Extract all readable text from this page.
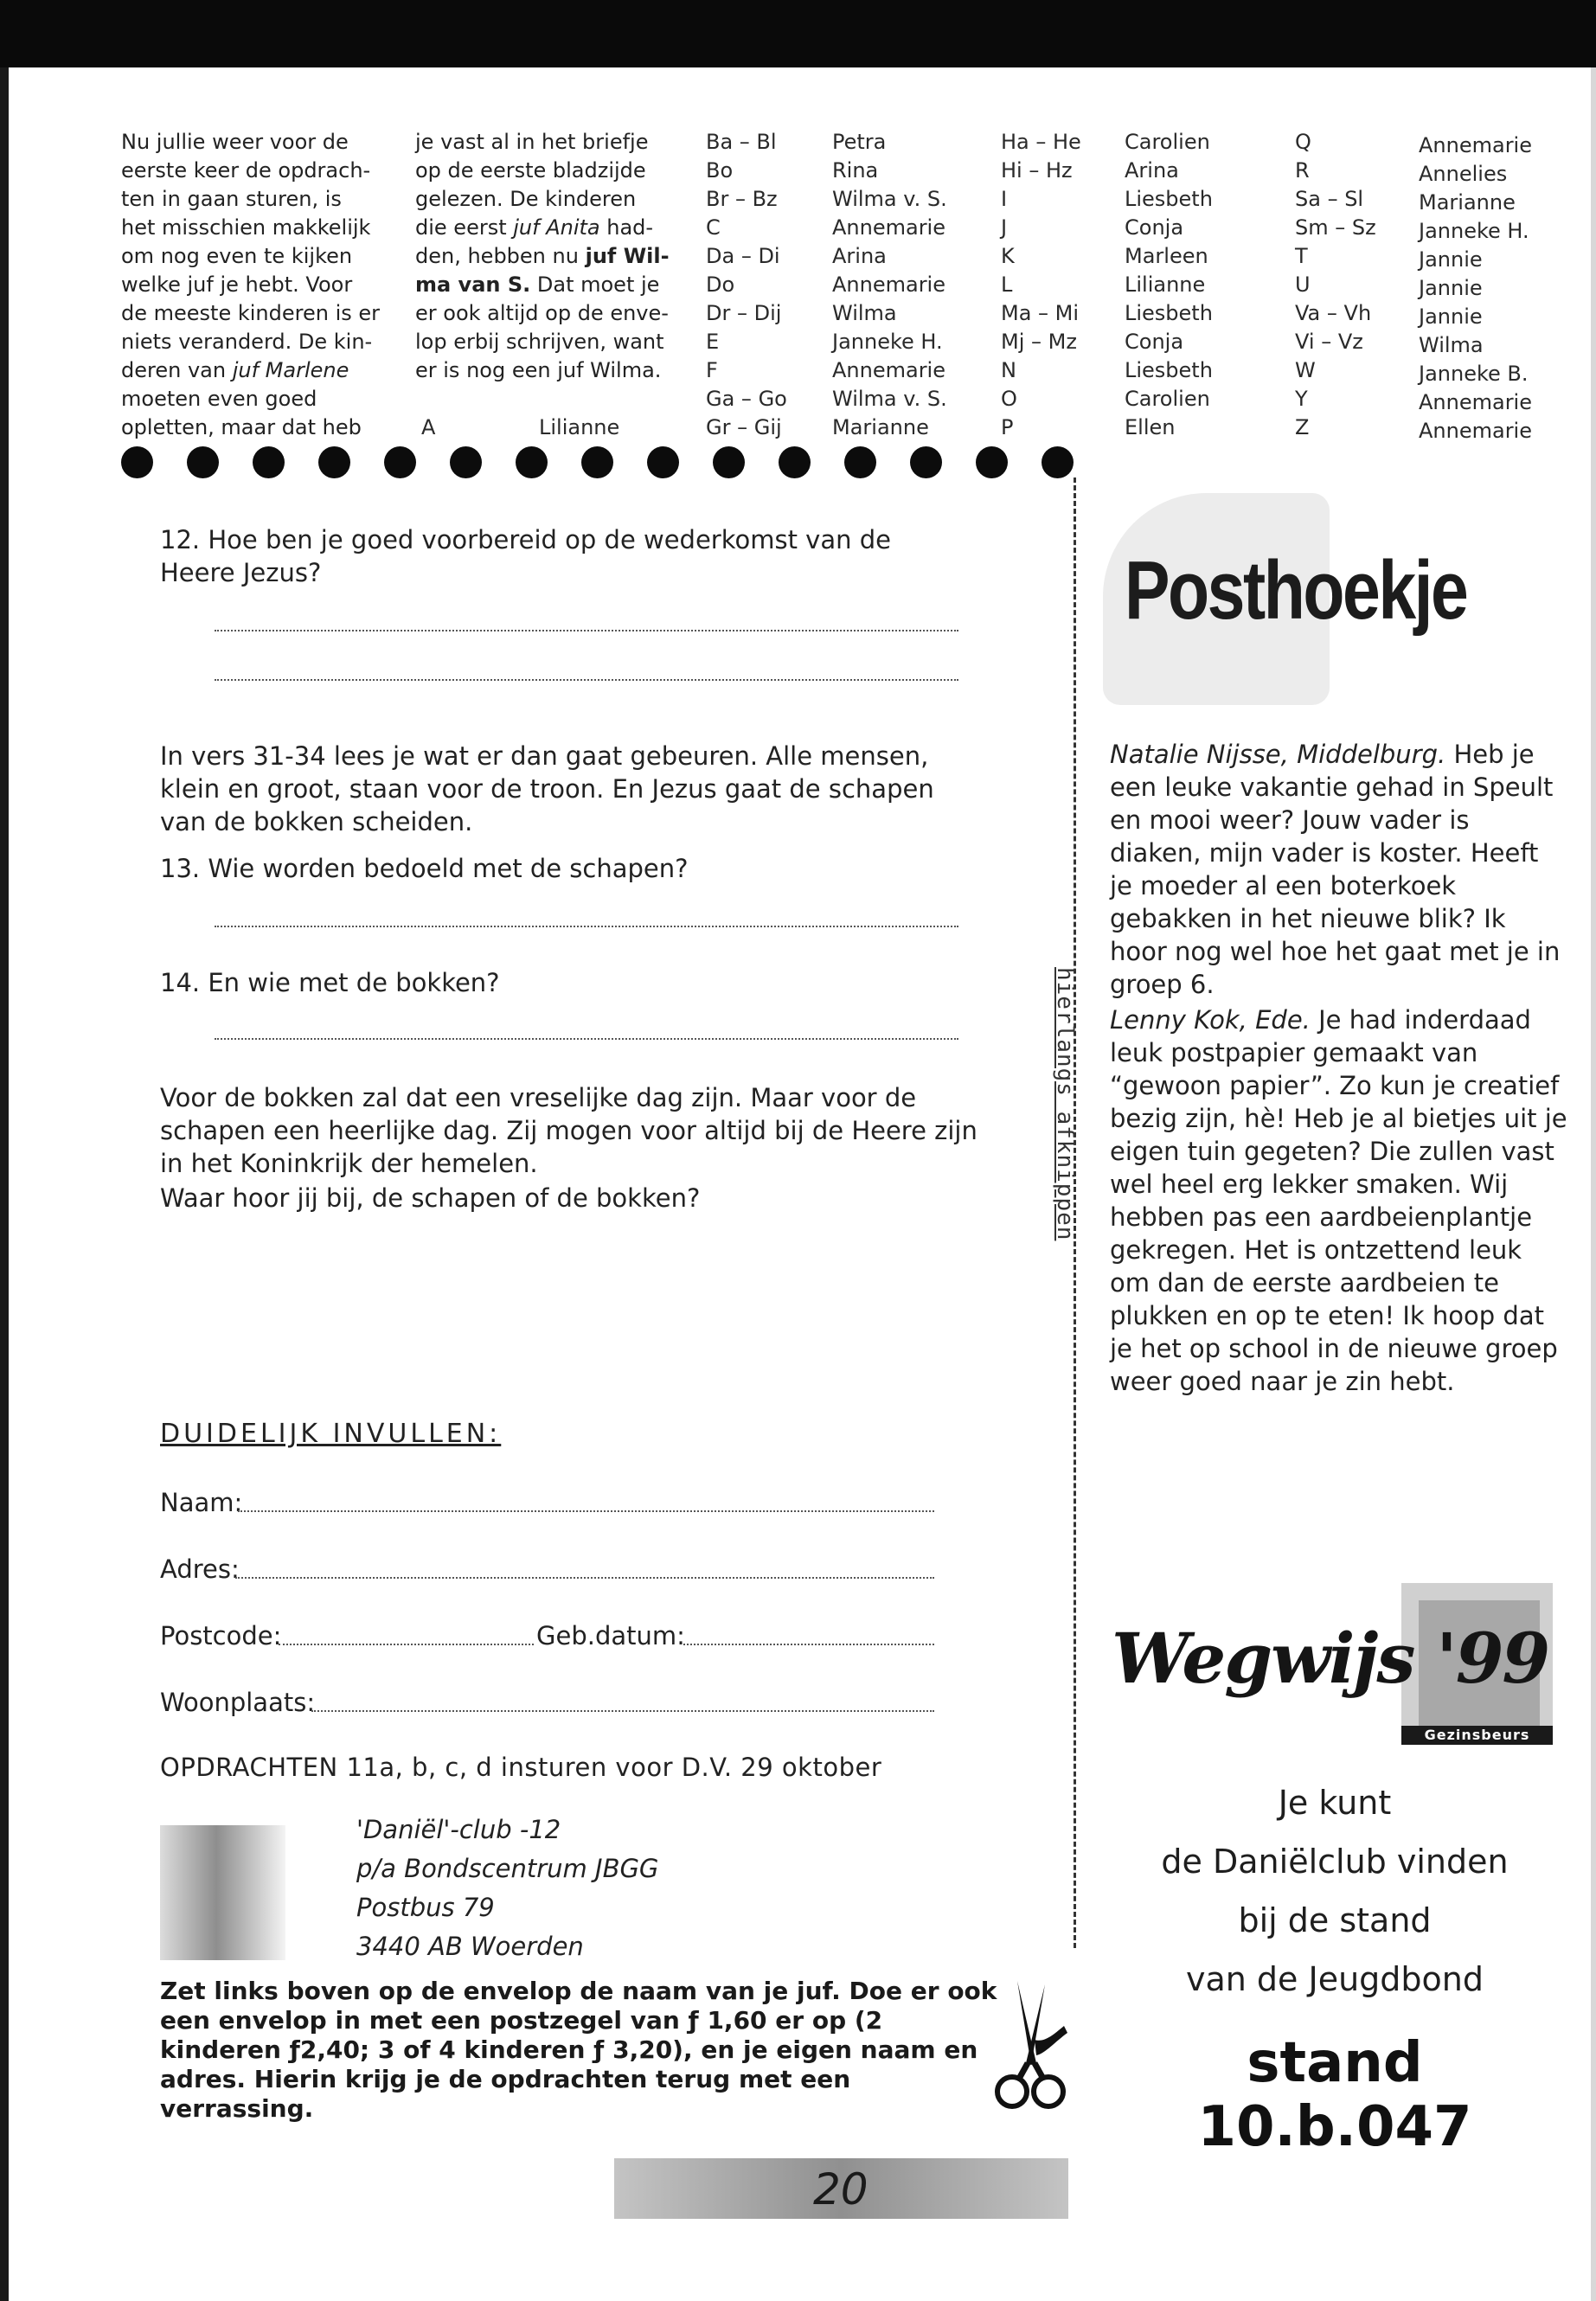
Nu jullie weer voor de
eerste keer de opdrach-
ten in gaan sturen, is
het misschien makkelijk
om nog even te kijken
welke juf je hebt. Voor
de meeste kinderen is er
niets veranderd. De kin-
deren van juf Marlene
moeten even goed
opletten, maar dat heb
je vast al in het briefje
op de eerste bladzijde
gelezen. De kinderen
die eerst juf Anita had-
den, hebben nu juf Wil-
ma van S. Dat moet je
er ook altijd op de enve-
lop erbij schrijven, want
er is nog een juf Wilma.

A	Lilianne
Ba – Bl
Bo
Br – Bz
C
Da – Di
Do
Dr – Dij
E
F
Ga – Go
Gr – Gij
Petra
Rina
Wilma v. S.
Annemarie
Arina
Annemarie
Wilma
Janneke H.
Annemarie
Wilma v. S.
Marianne
Ha – He
Hi – Hz
I
J
K
L
Ma – Mi
Mj – Mz
N
O
P
Carolien
Arina
Liesbeth
Conja
Marleen
Lilianne
Liesbeth
Conja
Liesbeth
Carolien
Ellen
Q
R
Sa – Sl
Sm – Sz
T
U
Va – Vh
Vi – Vz
W
Y
Z
Annemarie
Annelies
Marianne
Janneke H.
Jannie
Jannie
Jannie
Wilma
Janneke B.
Annemarie
Annemarie
hierlangs afknippen
12. Hoe ben je goed voorbereid op de wederkomst van de Heere Jezus?
In vers 31-34 lees je wat er dan gaat gebeuren. Alle mensen, klein en groot, staan voor de troon. En Jezus gaat de schapen van de bokken scheiden.
13. Wie worden bedoeld met de schapen?
14. En wie met de bokken?
Voor de bokken zal dat een vreselijke dag zijn. Maar voor de schapen een heerlijke dag. Zij mogen voor altijd bij de Heere zijn in het Koninkrijk der hemelen.
Waar hoor jij bij, de schapen of de bokken?
DUIDELIJK INVULLEN:
Naam:
Adres:
Postcode:	Geb.datum:
Woonplaats:
OPDRACHTEN 11a, b, c, d insturen voor D.V. 29 oktober
'Daniël'-club -12
p/a Bondscentrum JBGG
Postbus 79
3440 AB Woerden
Zet links boven op de envelop de naam van je juf. Doe er ook een envelop in met een postzegel van ƒ 1,60 er op (2 kinderen ƒ2,40; 3 of 4 kinderen ƒ 3,20), en je eigen naam en adres. Hierin krijg je de opdrachten terug met een verrassing.
20
Posthoekje
Natalie Nijsse, Middelburg. Heb je een leuke vakantie gehad in Speult en mooi weer? Jouw vader is diaken, mijn vader is koster. Heeft je moeder al een boterkoek gebakken in het nieuwe blik? Ik hoor nog wel hoe het gaat met je in groep 6.
Lenny Kok, Ede. Je had inderdaad leuk postpapier gemaakt van “gewoon papier”. Zo kun je creatief bezig zijn, hè! Heb je al bietjes uit je eigen tuin gegeten? Die zullen vast wel heel erg lekker smaken. Wij hebben pas een aardbeienplantje gekregen. Het is ontzettend leuk om dan de eerste aardbeien te plukken en op te eten! Ik hoop dat je het op school in de nieuwe groep weer goed naar je zin hebt.
Wegwijs '99
Gezinsbeurs
Je kunt
de Daniëlclub vinden
bij de stand
van de Jeugdbond
stand 10.b.047
